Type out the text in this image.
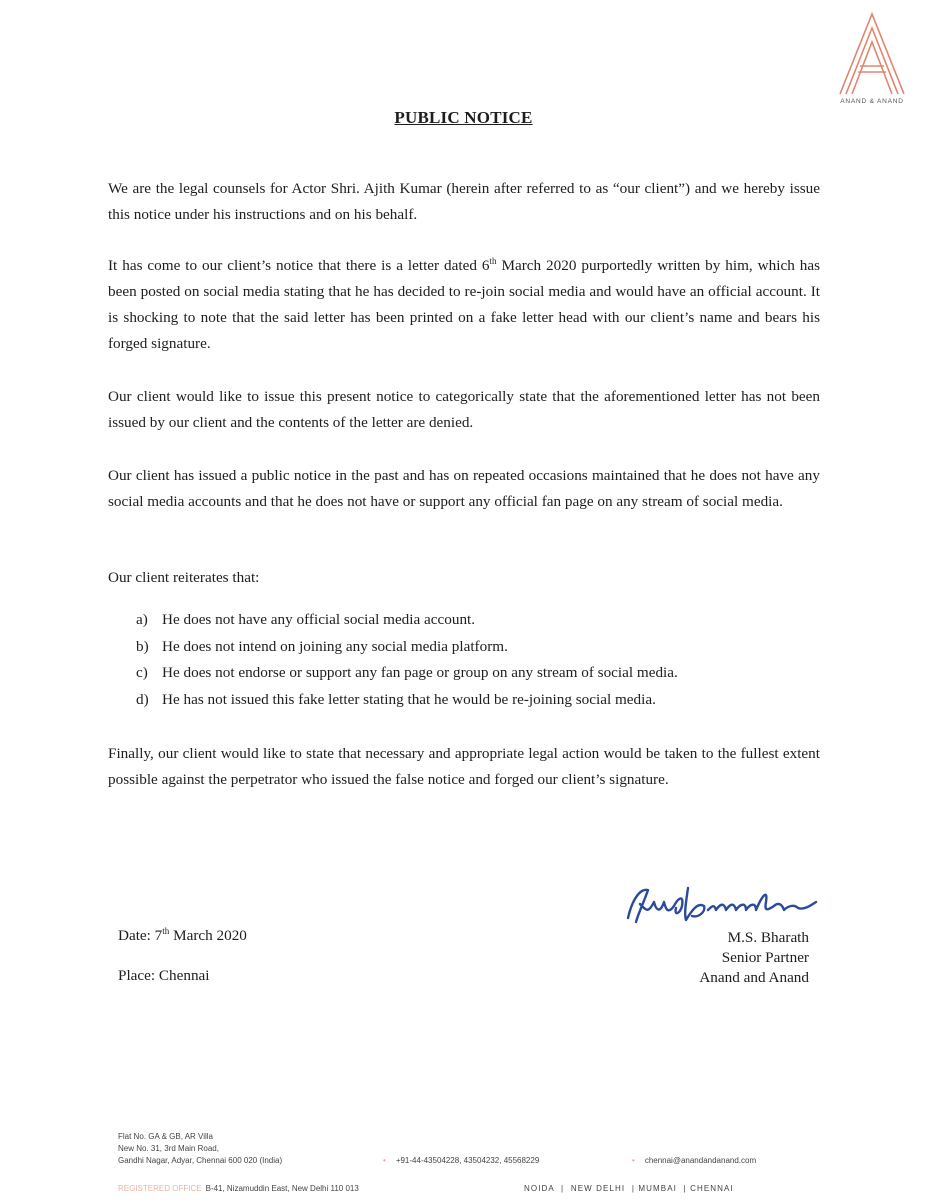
ANAND & ANAND
PUBLIC NOTICE

We are the legal counsels for Actor Shri. Ajith Kumar (herein after referred to as “our client”) and we hereby issue this notice under his instructions and on his behalf.

It has come to our client’s notice that there is a letter dated 6th March 2020 purportedly written by him, which has been posted on social media stating that he has decided to re-join social media and would have an official account. It is shocking to note that the said letter has been printed on a fake letter head with our client’s name and bears his forged signature.

Our client would like to issue this present notice to categorically state that the aforementioned letter has not been issued by our client and the contents of the letter are denied.

Our client has issued a public notice in the past and has on repeated occasions maintained that he does not have any social media accounts and that he does not have or support any official fan page on any stream of social media.

Our client reiterates that:

a) He does not have any official social media account.
b) He does not intend on joining any social media platform.
c) He does not endorse or support any fan page or group on any stream of social media.
d) He has not issued this fake letter stating that he would be re-joining social media.

Finally, our client would like to state that necessary and appropriate legal action would be taken to the fullest extent possible against the perpetrator who issued the false notice and forged our client’s signature.

Date: 7th March 2020
Place: Chennai
M.S. Bharath
Senior Partner
Anand and Anand
Flat No. GA & GB, AR Villa
New No. 31, 3rd Main Road,
Gandhi Nagar, Adyar, Chennai 600 020 (India)	• +91-44-43504228, 43504232, 45568229	• chennai@anandandanand.com
REGISTERED OFFICE B-41, Nizamuddin East, New Delhi 110 013	NOIDA  |  NEW DELHI  | MUMBAI  | CHENNAI
